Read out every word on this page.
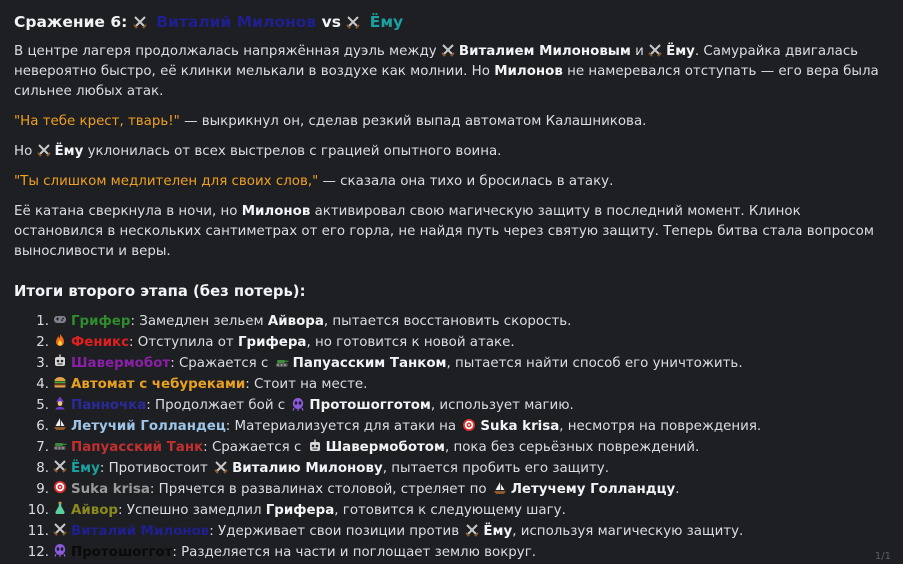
Сражение 6: Виталий Милонов vs Ёму

В центре лагеря продолжалась напряжённая дуэль между Виталием Милоновым и Ёму. Самурайка двигалась невероятно быстро, её клинки мелькали в воздухе как молнии. Но Милонов не намеревался отступать — его вера была сильнее любых атак.

"На тебе крест, тварь!" — выкрикнул он, сделав резкий выпад автоматом Калашникова.

Но Ёму уклонилась от всех выстрелов с грацией опытного воина.

"Ты слишком медлителен для своих слов," — сказала она тихо и бросилась в атаку.

Её катана сверкнула в ночи, но Милонов активировал свою магическую защиту в последний момент. Клинок остановился в нескольких сантиметрах от его горла, не найдя путь через святую защиту. Теперь битва стала вопросом выносливости и веры.

Итоги второго этапа (без потерь):
1. Грифер : Замедлен зельем Айвора, пытается восстановить скорость.
2. Феникс : Отступила от Грифера, но готовится к новой атаке.
3. Шавермобот : Сражается с Папуасским Танком, пытается найти способ его уничтожить.
4. Автомат с чебуреками : Стоит на месте.
5. Панночка : Продолжает бой с Протошогготом, использует магию.
6. Летучий Голландец : Материализуется для атаки на Suka krisa, несмотря на повреждения.
7. Папуасский Танк : Сражается с Шавермоботом, пока без серьёзных повреждений.
8. Ёму : Противостоит Виталию Милонову, пытается пробить его защиту.
9. Suka krisa : Прячется в развалинах столовой, стреляет по Летучему Голландцу.
10. Айвор : Успешно замедлил Грифера, готовится к следующему шагу.
11. Виталий Милонов : Удерживает свои позиции против Ёму, используя магическую защиту.
12. Протошоггот : Разделяется на части и поглощает землю вокруг.	1/1
